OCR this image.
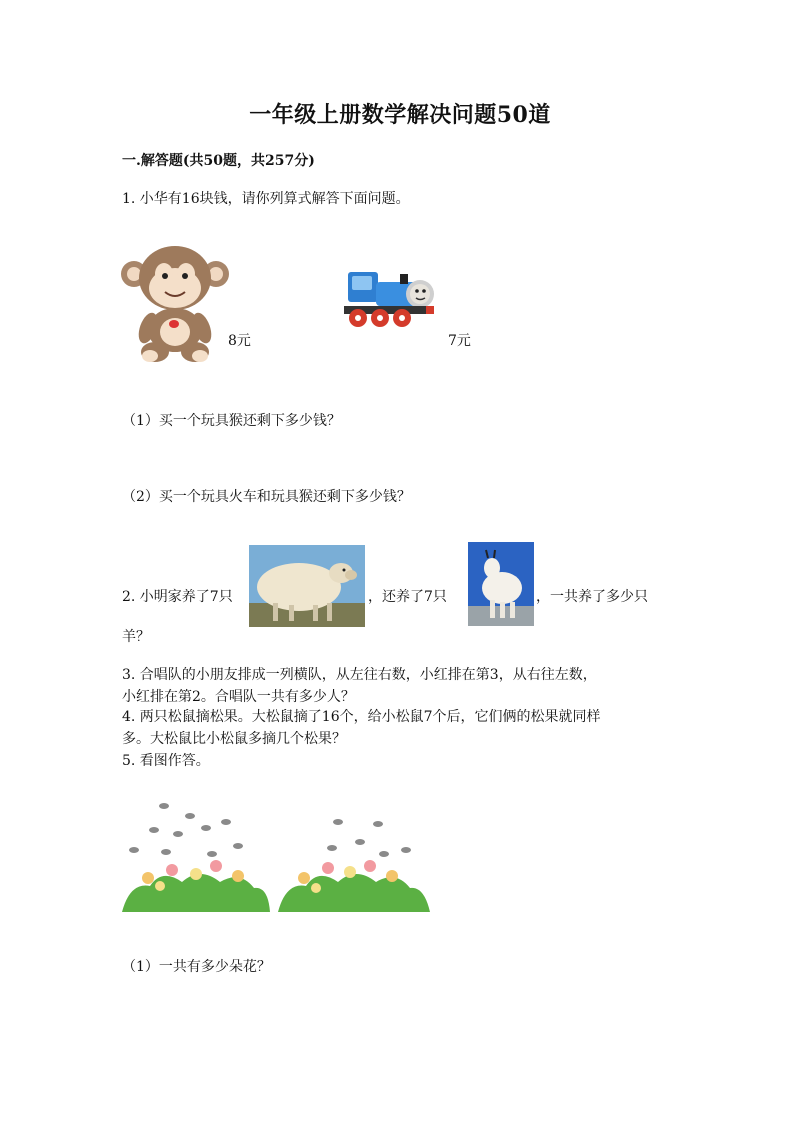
一年级上册数学解决问题50道
一.解答题(共50题，共257分)
1. 小华有16块钱，请你列算式解答下面问题。
8元	7元
（1）买一个玩具猴还剩下多少钱？
（2）买一个玩具火车和玩具猴还剩下多少钱？
2. 小明家养了7只	，还养了7只	，一共养了多少只
羊？
3. 合唱队的小朋友排成一列横队，从左往右数，小红排在第3，从右往左数，
小红排在第2。合唱队一共有多少人？
4. 两只松鼠摘松果。大松鼠摘了16个，给小松鼠7个后，它们俩的松果就同样
多。大松鼠比小松鼠多摘几个松果？
5. 看图作答。
（1）一共有多少朵花？
